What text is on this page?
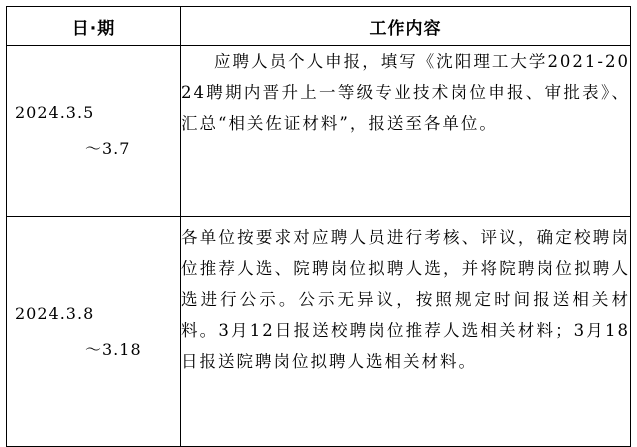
日·期	工作内容

2024.3.5
～3.7	应聘人员个人申报，填写《沈阳理工大学2021-2024聘期内晋升上一等级专业技术岗位申报、审批表》、汇总“相关佐证材料”，报送至各单位。

2024.3.8
～3.18	各单位按要求对应聘人员进行考核、评议，确定校聘岗位推荐人选、院聘岗位拟聘人选，并将院聘岗位拟聘人选进行公示。公示无异议，按照规定时间报送相关材料。3月12日报送校聘岗位推荐人选相关材料；3月18日报送院聘岗位拟聘人选相关材料。
